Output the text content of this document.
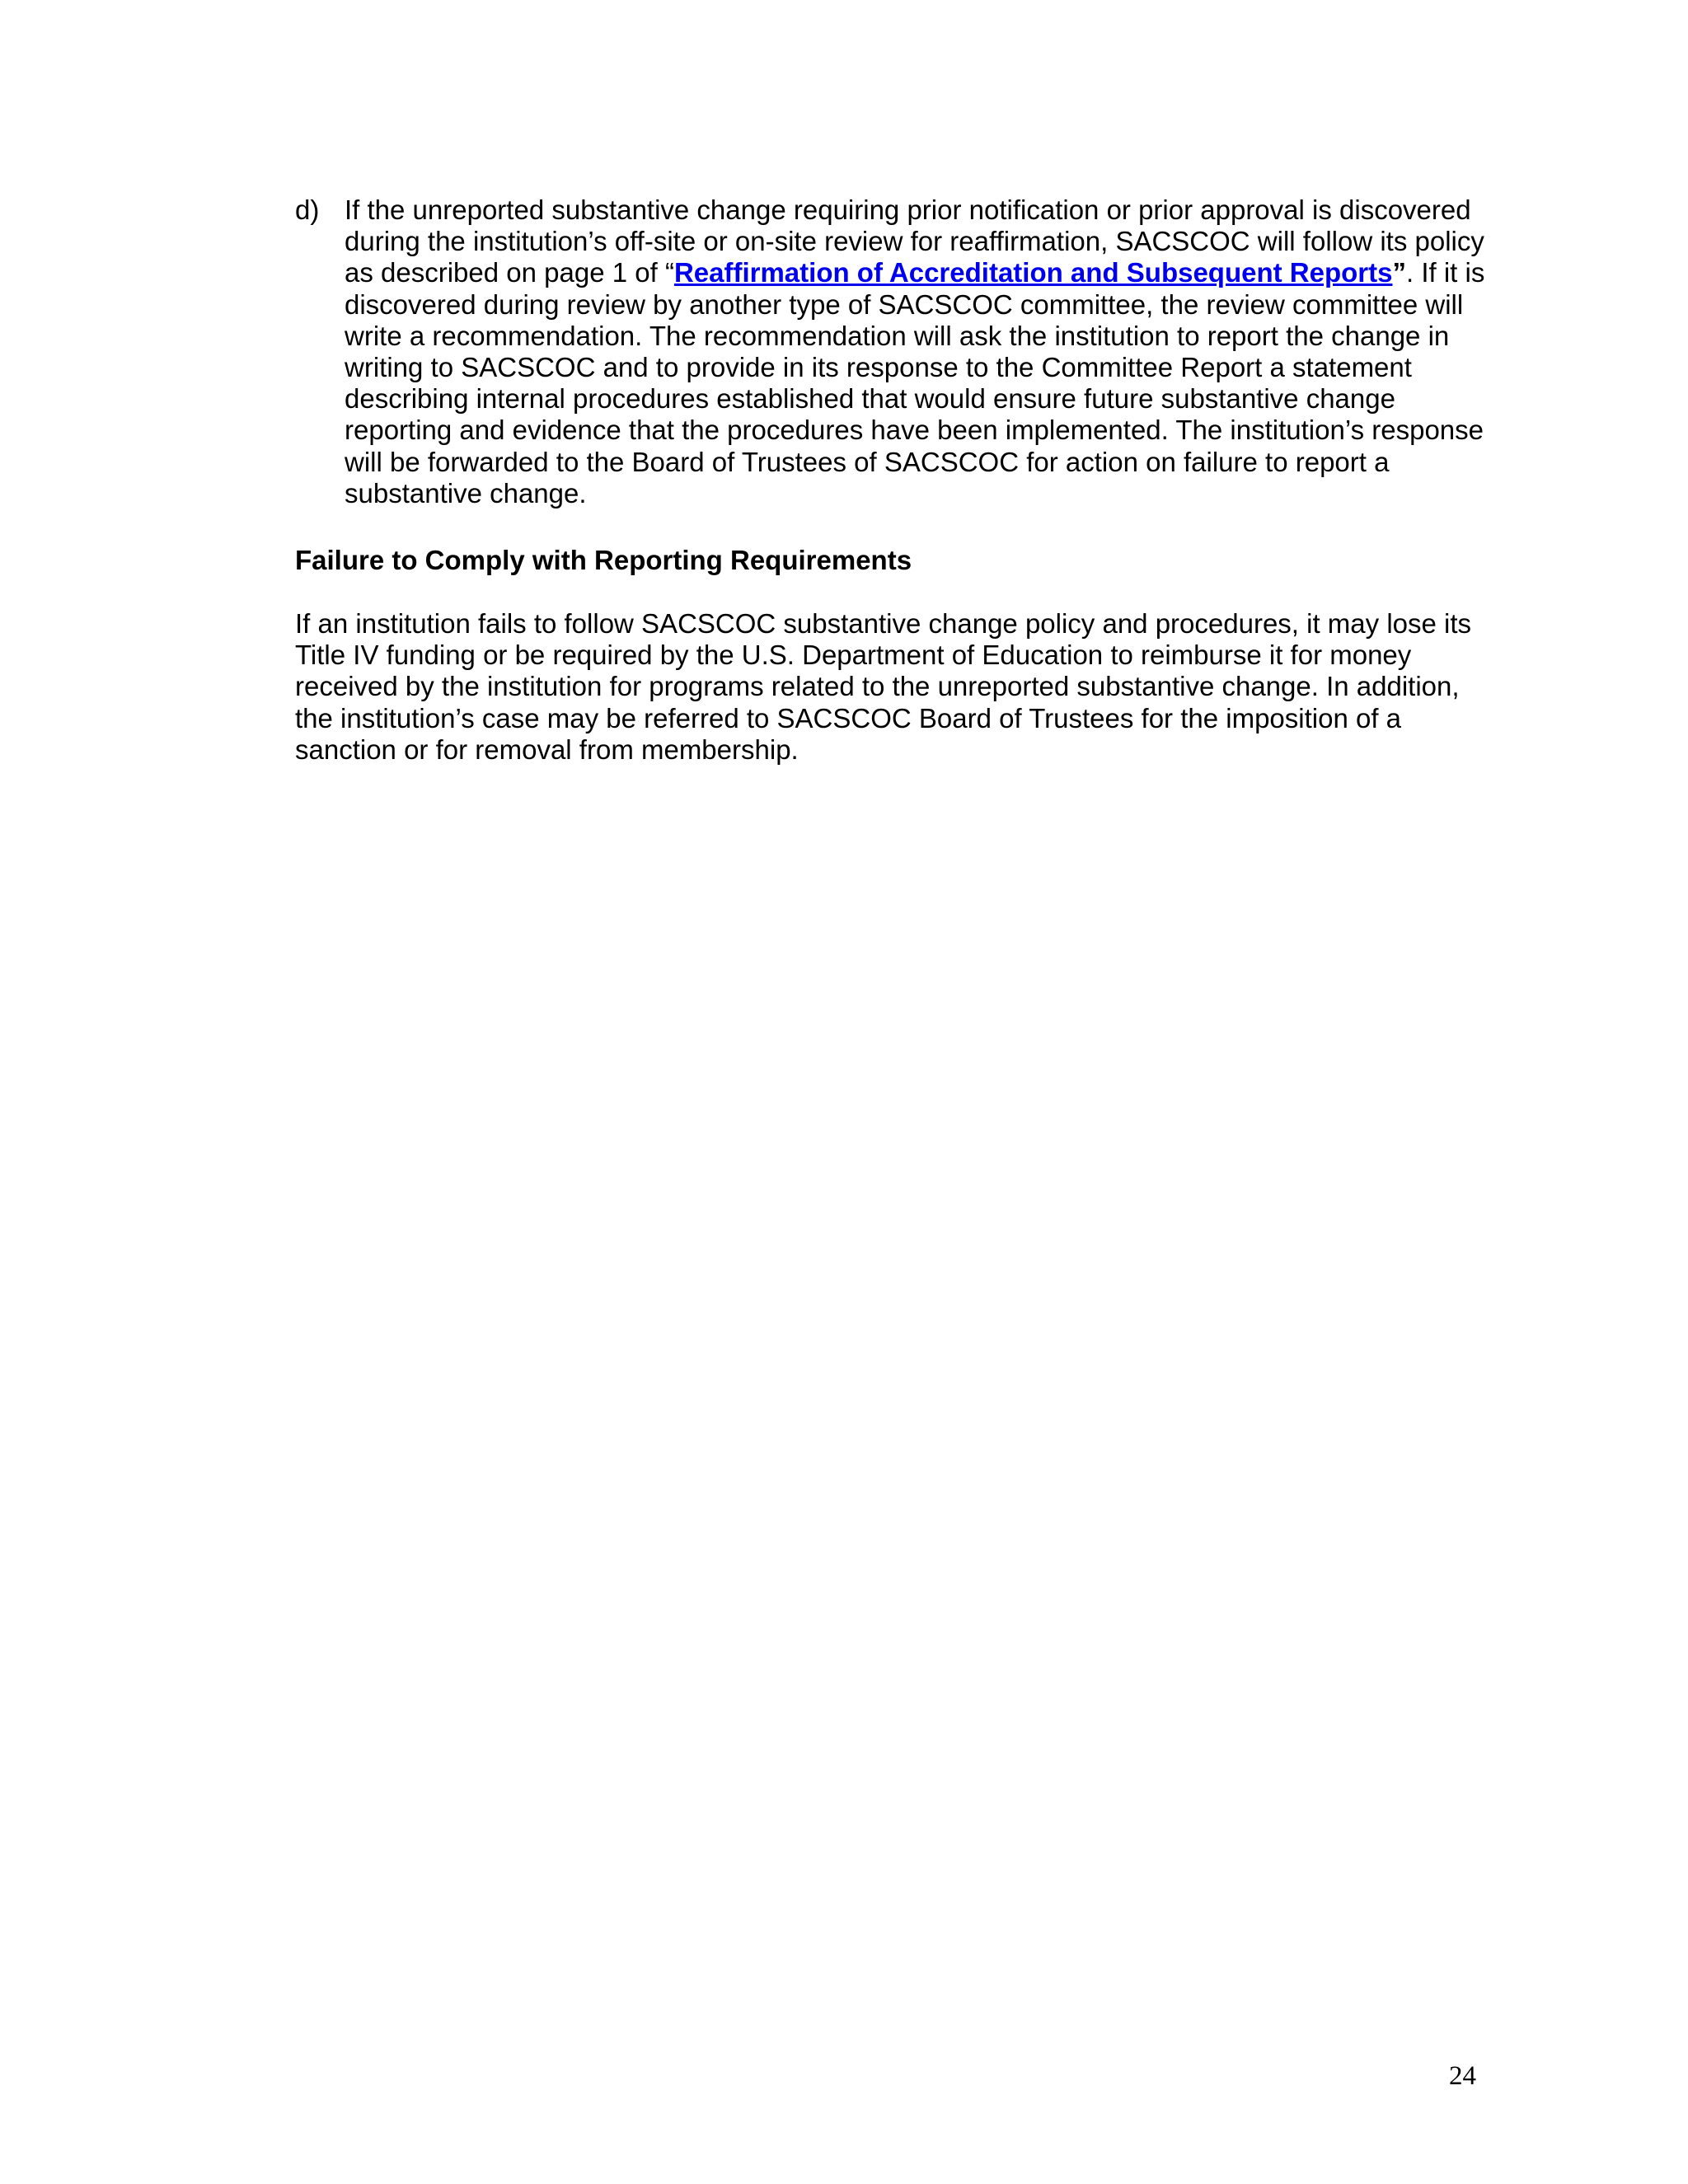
d) If the unreported substantive change requiring prior notification or prior approval is discovered
during the institution’s off-site or on-site review for reaffirmation, SACSCOC will follow its policy
as described on page 1 of “Reaffirmation of Accreditation and Subsequent Reports”. If it is
discovered during review by another type of SACSCOC committee, the review committee will
write a recommendation. The recommendation will ask the institution to report the change in
writing to SACSCOC and to provide in its response to the Committee Report a statement
describing internal procedures established that would ensure future substantive change
reporting and evidence that the procedures have been implemented. The institution’s response
will be forwarded to the Board of Trustees of SACSCOC for action on failure to report a
substantive change.
Failure to Comply with Reporting Requirements
If an institution fails to follow SACSCOC substantive change policy and procedures, it may lose its
Title IV funding or be required by the U.S. Department of Education to reimburse it for money
received by the institution for programs related to the unreported substantive change. In addition,
the institution’s case may be referred to SACSCOC Board of Trustees for the imposition of a
sanction or for removal from membership.
24
